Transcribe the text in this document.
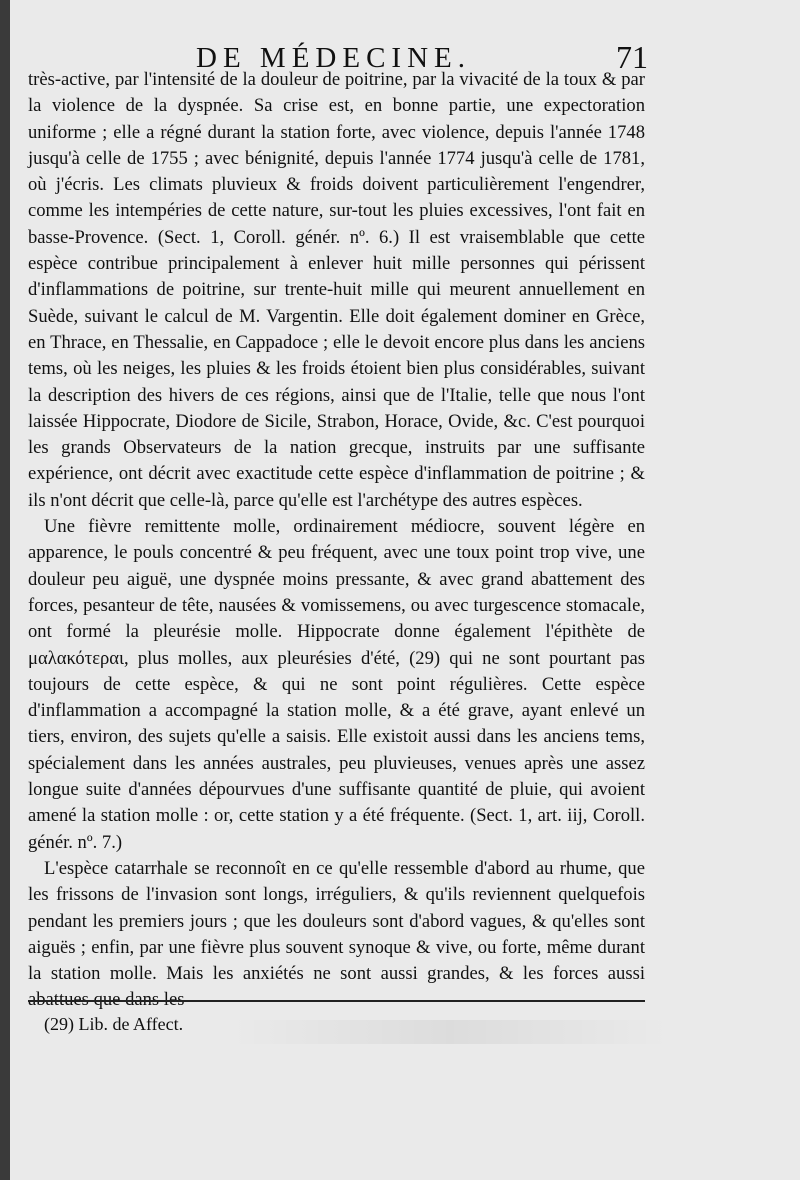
DE MÉDECINE.	71

très-active, par l'intensité de la douleur de poitrine, par la vivacité de la toux & par la violence de la dyspnée. Sa crise est, en bonne partie, une expectoration uniforme ; elle a régné durant la station forte, avec violence, depuis l'année 1748 jusqu'à celle de 1755 ; avec bénignité, depuis l'année 1774 jusqu'à celle de 1781, où j'écris. Les climats pluvieux & froids doivent particulièrement l'engendrer, comme les intempéries de cette nature, sur-tout les pluies excessives, l'ont fait en basse-Provence. (Sect. 1, Coroll. génér. nº. 6.) Il est vraisemblable que cette espèce contribue principalement à enlever huit mille personnes qui périssent d'inflammations de poitrine, sur trente-huit mille qui meurent annuellement en Suède, suivant le calcul de M. Vargentin. Elle doit également dominer en Grèce, en Thrace, en Thessalie, en Cappadoce ; elle le devoit encore plus dans les anciens tems, où les neiges, les pluies & les froids étoient bien plus considérables, suivant la description des hivers de ces régions, ainsi que de l'Italie, telle que nous l'ont laissée Hippocrate, Diodore de Sicile, Strabon, Horace, Ovide, &c. C'est pourquoi les grands Observateurs de la nation grecque, instruits par une suffisante expérience, ont décrit avec exactitude cette espèce d'inflammation de poitrine ; & ils n'ont décrit que celle-là, parce qu'elle est l'archétype des autres espèces.

Une fièvre remittente molle, ordinairement médiocre, souvent légère en apparence, le pouls concentré & peu fréquent, avec une toux point trop vive, une douleur peu aiguë, une dyspnée moins pressante, & avec grand abattement des forces, pesanteur de tête, nausées & vomissemens, ou avec turgescence stomacale, ont formé la pleurésie molle. Hippocrate donne également l'épithète de μαλακότεραι, plus molles, aux pleurésies d'été, (29) qui ne sont pourtant pas toujours de cette espèce, & qui ne sont point régulières. Cette espèce d'inflammation a accompagné la station molle, & a été grave, ayant enlevé un tiers, environ, des sujets qu'elle a saisis. Elle existoit aussi dans les anciens tems, spécialement dans les années australes, peu pluvieuses, venues après une assez longue suite d'années dépourvues d'une suffisante quantité de pluie, qui avoient amené la station molle : or, cette station y a été fréquente. (Sect. 1, art. iij, Coroll. génér. nº. 7.)

L'espèce catarrhale se reconnoît en ce qu'elle ressemble d'abord au rhume, que les frissons de l'invasion sont longs, irréguliers, & qu'ils reviennent quelquefois pendant les premiers jours ; que les douleurs sont d'abord vagues, & qu'elles sont aiguës ; enfin, par une fièvre plus souvent synoque & vive, ou forte, même durant la station molle. Mais les anxiétés ne sont aussi grandes, & les forces aussi abattues que dans les

(29) Lib. de Affect.
